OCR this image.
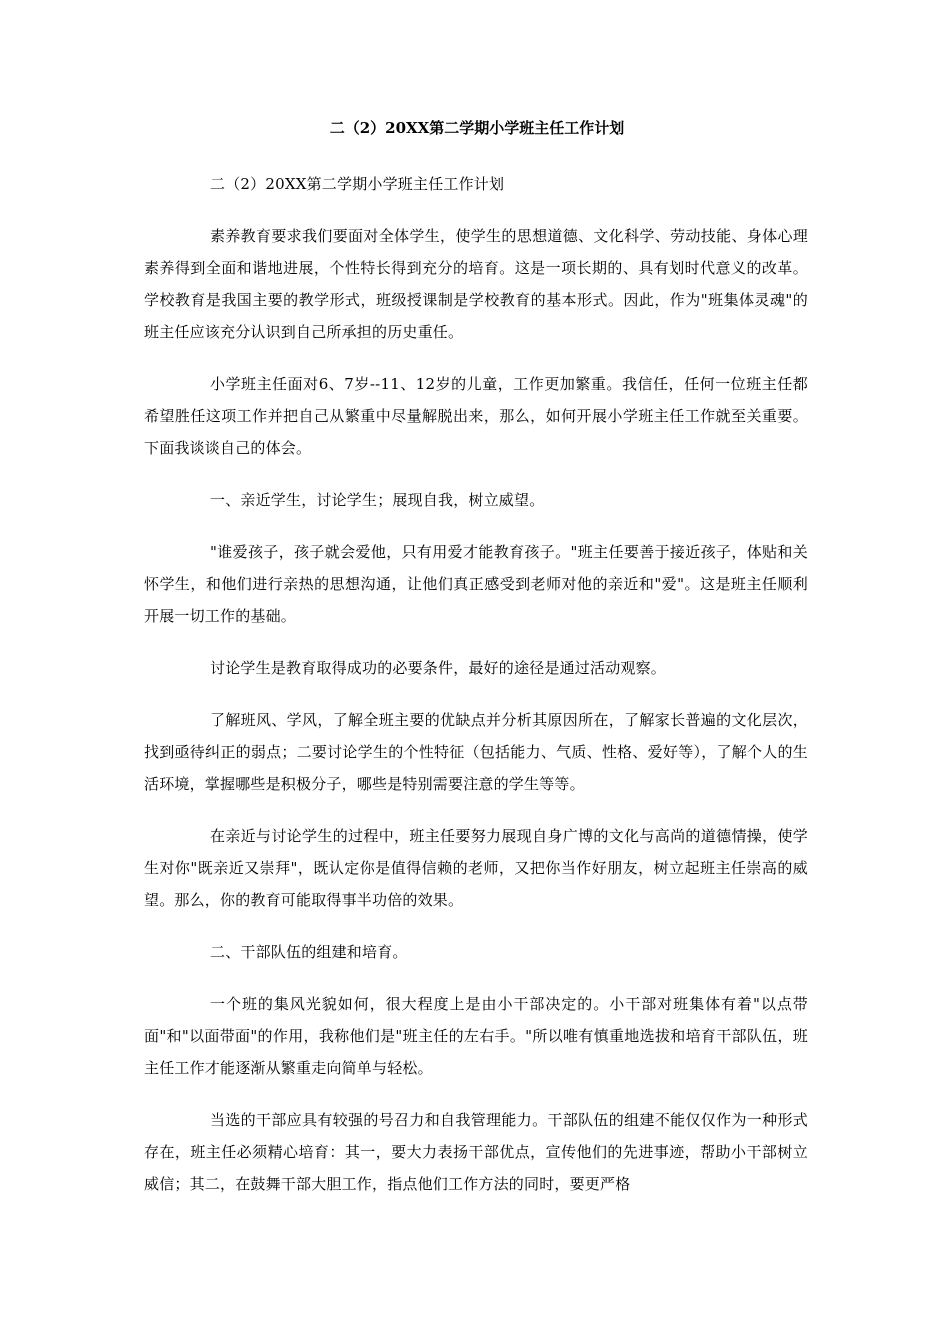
二（2）20XX第二学期小学班主任工作计划

二（2）20XX第二学期小学班主任工作计划

素养教育要求我们要面对全体学生，使学生的思想道德、文化科学、劳动技能、身体心理素养得到全面和谐地进展，个性特长得到充分的培育。这是一项长期的、具有划时代意义的改革。学校教育是我国主要的教学形式，班级授课制是学校教育的基本形式。因此，作为"班集体灵魂"的班主任应该充分认识到自己所承担的历史重任。

小学班主任面对6、7岁--11、12岁的儿童，工作更加繁重。我信任，任何一位班主任都希望胜任这项工作并把自己从繁重中尽量解脱出来，那么，如何开展小学班主任工作就至关重要。下面我谈谈自己的体会。

一、亲近学生，讨论学生；展现自我，树立威望。

"谁爱孩子，孩子就会爱他，只有用爱才能教育孩子。"班主任要善于接近孩子，体贴和关怀学生，和他们进行亲热的思想沟通，让他们真正感受到老师对他的亲近和"爱"。这是班主任顺利开展一切工作的基础。

讨论学生是教育取得成功的必要条件，最好的途径是通过活动观察。

了解班风、学风，了解全班主要的优缺点并分析其原因所在，了解家长普遍的文化层次，找到亟待纠正的弱点；二要讨论学生的个性特征（包括能力、气质、性格、爱好等），了解个人的生活环境，掌握哪些是积极分子，哪些是特别需要注意的学生等等。

在亲近与讨论学生的过程中，班主任要努力展现自身广博的文化与高尚的道德情操，使学生对你"既亲近又崇拜"，既认定你是值得信赖的老师，又把你当作好朋友，树立起班主任崇高的威望。那么，你的教育可能取得事半功倍的效果。

二、干部队伍的组建和培育。

一个班的集风光貌如何，很大程度上是由小干部决定的。小干部对班集体有着"以点带面"和"以面带面"的作用，我称他们是"班主任的左右手。"所以唯有慎重地选拔和培育干部队伍，班主任工作才能逐渐从繁重走向简单与轻松。

当选的干部应具有较强的号召力和自我管理能力。干部队伍的组建不能仅仅作为一种形式存在，班主任必须精心培育：其一，要大力表扬干部优点，宣传他们的先进事迹，帮助小干部树立威信；其二，在鼓舞干部大胆工作，指点他们工作方法的同时，要更严格
